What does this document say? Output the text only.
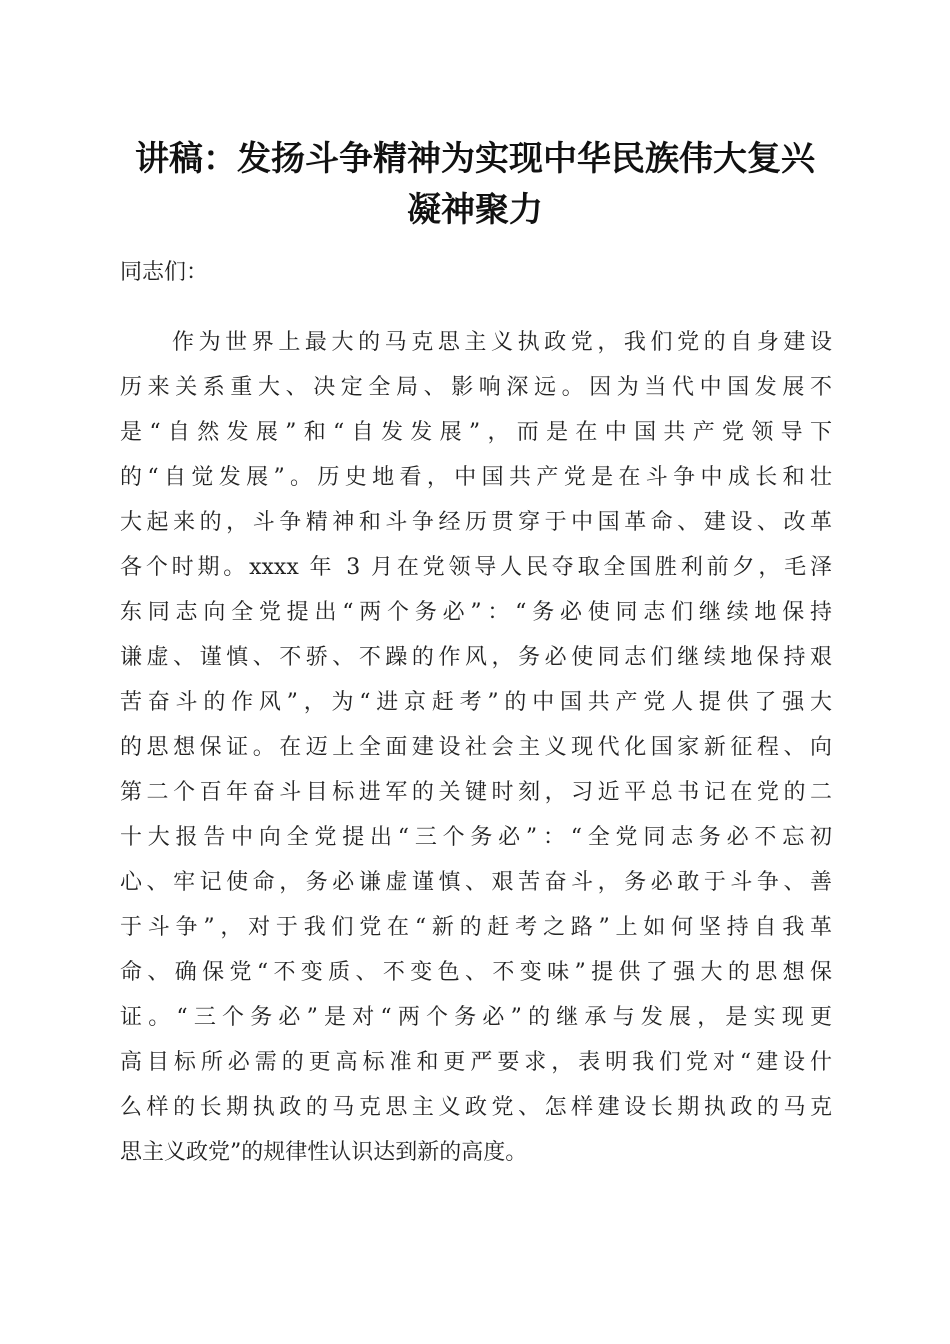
讲稿：发扬斗争精神为实现中华民族伟大复兴
凝神聚力

同志们：

作为世界上最大的马克思主义执政党，我们党的自身建设
历来关系重大、决定全局、影响深远。因为当代中国发展不
是“自然发展”和“自发发展”，而是在中国共产党领导下
的“自觉发展”。历史地看，中国共产党是在斗争中成长和壮
大起来的，斗争精神和斗争经历贯穿于中国革命、建设、改革
各个时期。xxxx 年 3 月在党领导人民夺取全国胜利前夕，毛泽
东同志向全党提出“两个务必”：“务必使同志们继续地保持
谦虚、谨慎、不骄、不躁的作风，务必使同志们继续地保持艰
苦奋斗的作风”，为“进京赶考”的中国共产党人提供了强大
的思想保证。在迈上全面建设社会主义现代化国家新征程、向
第二个百年奋斗目标进军的关键时刻，习近平总书记在党的二
十大报告中向全党提出“三个务必”：“全党同志务必不忘初
心、牢记使命，务必谦虚谨慎、艰苦奋斗，务必敢于斗争、善
于斗争”，对于我们党在“新的赶考之路”上如何坚持自我革
命、确保党“不变质、不变色、不变味”提供了强大的思想保
证。“三个务必”是对“两个务必”的继承与发展，是实现更
高目标所必需的更高标准和更严要求，表明我们党对“建设什
么样的长期执政的马克思主义政党、怎样建设长期执政的马克
思主义政党”的规律性认识达到新的高度。
